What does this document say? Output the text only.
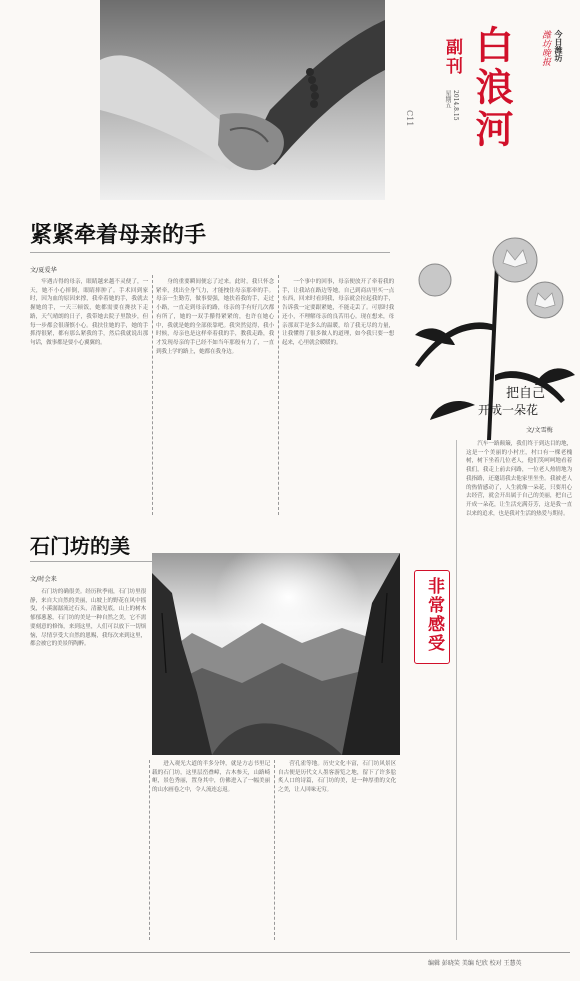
白浪河	潍坊晚报 今日潍坊
副刊
星期五 2014.8.15
C11
紧紧牵着母亲的手
文/夏爱华

牢遇吉得的母亲，眼睛越来越不灵便了，一天，她不小心摔倒，眼睛摔肿了。手术回到家时，因为血的原因来撑，我牵着她的手，我就去握她的手，一天三顿饭，她都需要在搀扶下走路，天气晴朗的日子，我带她去院子里散步，但每一步都会很谨慎小心。我扶住她的手，她的手抓得很紧，都有那么紧我的手，然后我就说出那句话，做事都是要小心翼翼的。

身的重要瞬间便忘了过来。此时，我只怀念紧牵，找出全身气力，才能拽住母亲那牵的手。母亲一生勤劳，做事要强，她扶着我的手，走过小路，一直走到母亲的路，母亲的手有好几次都有所了，她的一双手攥得紧紧的，也许在她心中，我就是她的全部依靠吧。我突然觉得，我小时候，母亲也是这样牵着我的手，教我走路，我才发现母亲的手已经不如当年那般有力了，一直到我上学的路上，她都在我身边。

一个事中的回事，母亲便放开了牵着我的手，让我站在路边等她，自己到商店里买一点东西，回来时看到我，母亲就会拉起我的手，告诉我一定要跟紧她，不能走丢了。可那时我还小，不理解母亲的良苦用心。现在想来，母亲那双手是多么的温暖，给了我无尽的力量，让我懂得了很多做人的道理，如今我只要一想起来，心里就会暖暖的。

把自己
开成一朵花
文/文雪梅

汽车一路颠簸，我们终于到达目的地，这是一个美丽的小村庄，村口有一棵老槐树，树下坐着几位老人，他们笑呵呵地看着我们，我走上前去问路，一位老人热情地为我指路，还邀请我去他家里坐坐。我被老人的热情感动了，人生就像一朵花，只要用心去经营，就会开出属于自己的美丽，把自己开成一朵花，让生活充满芬芳，这是我一直以来的追求，也是我对生活的热爱与期待。

非常感受
石门坊的美
文/时会来

石门坊的确很美。经历秋季雨，石门坊里很静，来自大自然的美丽，山坡上的野花在风中摇曳，小溪潺潺流过石头，清澈见底，山上的树木郁郁葱葱，石门坊的美是一种自然之美，它不需要刻意的修饰，来到这里，人们可以放下一切烦恼，尽情享受大自然的恩赐，我每次来到这里，都会被它的美景所陶醉。

进入观光大道的半多分钟，就是方志书里记载的石门坊，这里层峦叠嶂，古木参天，山路崎岖，景色秀丽，置身其中，仿佛进入了一幅美丽的山水画卷之中，令人流连忘返。

营孔雀等地。历史文化丰富，石门坊风景区自古便是历代文人墨客游览之地，留下了许多脍炙人口的诗篇，石门坊的美，是一种厚重的文化之美，让人回味无穷。

编辑 彭晓笑 美编 纪欣 校对 王慧英
